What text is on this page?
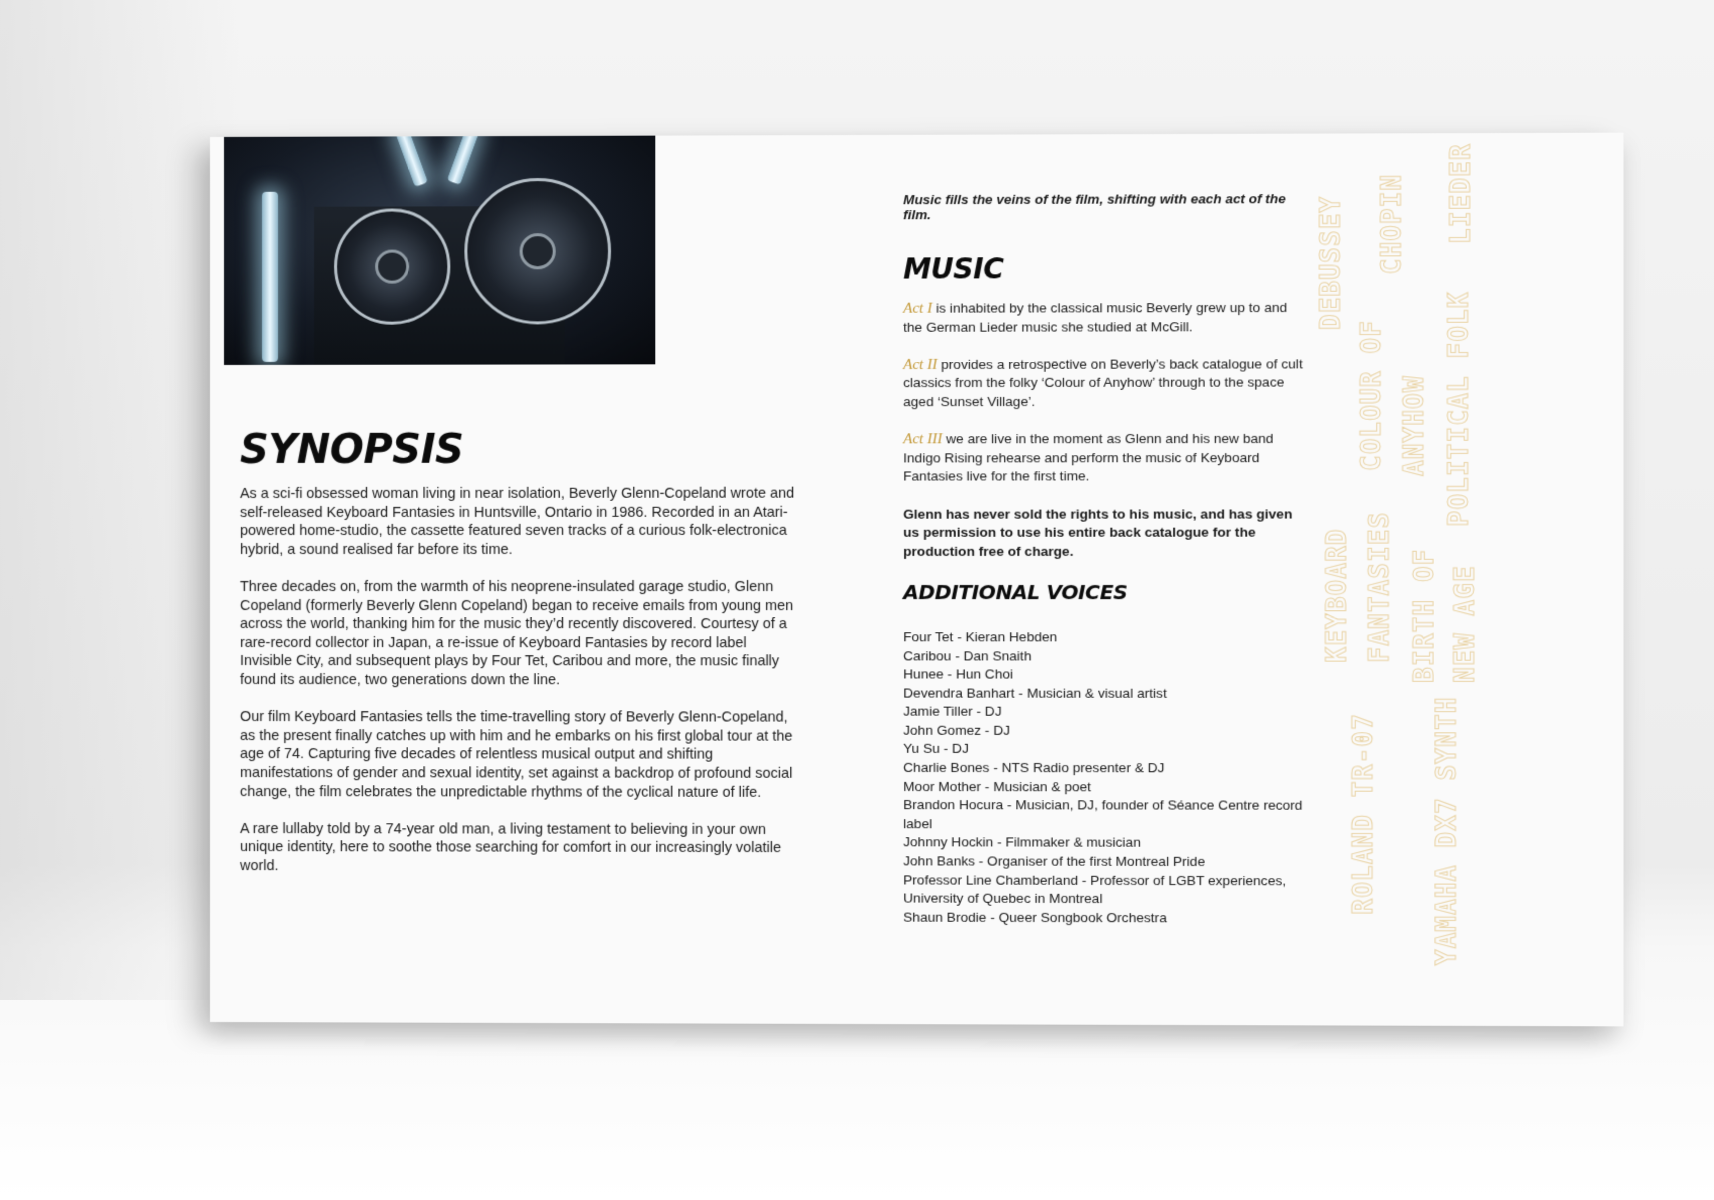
SYNOPSIS

As a sci-fi obsessed woman living in near isolation, Beverly Glenn-Copeland wrote and self-released Keyboard Fantasies in Huntsville, Ontario in 1986. Recorded in an Atari-powered home-studio, the cassette featured seven tracks of a curious folk-electronica hybrid, a sound realised far before its time.

Three decades on, from the warmth of his neoprene-insulated garage studio, Glenn Copeland (formerly Beverly Glenn Copeland) began to receive emails from young men across the world, thanking him for the music they’d recently discovered. Courtesy of a rare-record collector in Japan, a re-issue of Keyboard Fantasies by record label Invisible City, and subsequent plays by Four Tet, Caribou and more, the music finally found its audience, two generations down the line.

Our film Keyboard Fantasies tells the time-travelling story of Beverly Glenn-Copeland, as the present finally catches up with him and he embarks on his first global tour at the age of 74. Capturing five decades of relentless musical output and shifting manifestations of gender and sexual identity, set against a backdrop of profound social change, the film celebrates the unpredictable rhythms of the cyclical nature of life.

A rare lullaby told by a 74-year old man, a living testament to believing in your own unique identity, here to soothe those searching for comfort in our increasingly volatile world.

Music fills the veins of the film, shifting with each act of the film.

MUSIC

Act I is inhabited by the classical music Beverly grew up to and the German Lieder music she studied at McGill.

Act II provides a retrospective on Beverly’s back catalogue of cult classics from the folky ‘Colour of Anyhow’ through to the space aged ‘Sunset Village’.

Act III we are live in the moment as Glenn and his new band Indigo Rising rehearse and perform the music of Keyboard Fantasies live for the first time.

Glenn has never sold the rights to his music, and has given us permission to use his entire back catalogue for the production free of charge.

ADDITIONAL VOICES
Four Tet - Kieran Hebden
Caribou - Dan Snaith
Hunee - Hun Choi
Devendra Banhart - Musician & visual artist
Jamie Tiller - DJ
John Gomez - DJ
Yu Su - DJ
Charlie Bones - NTS Radio presenter & DJ
Moor Mother - Musician & poet
Brandon Hocura - Musician, DJ, founder of Séance Centre record label
Johnny Hockin - Filmmaker & musician
John Banks - Organiser of the first Montreal Pride
Professor Line Chamberland - Professor of LGBT experiences, University of Quebec in Montreal
Shaun Brodie - Queer Songbook Orchestra
DEBUSSEY CHOPIN LIEDER
COLOUR OF ANYHOW POLITICAL FOLK
KEYBOARD FANTASIES BIRTH OF NEW AGE
ROLAND TR-07 YAMAHA DX7 SYNTH
